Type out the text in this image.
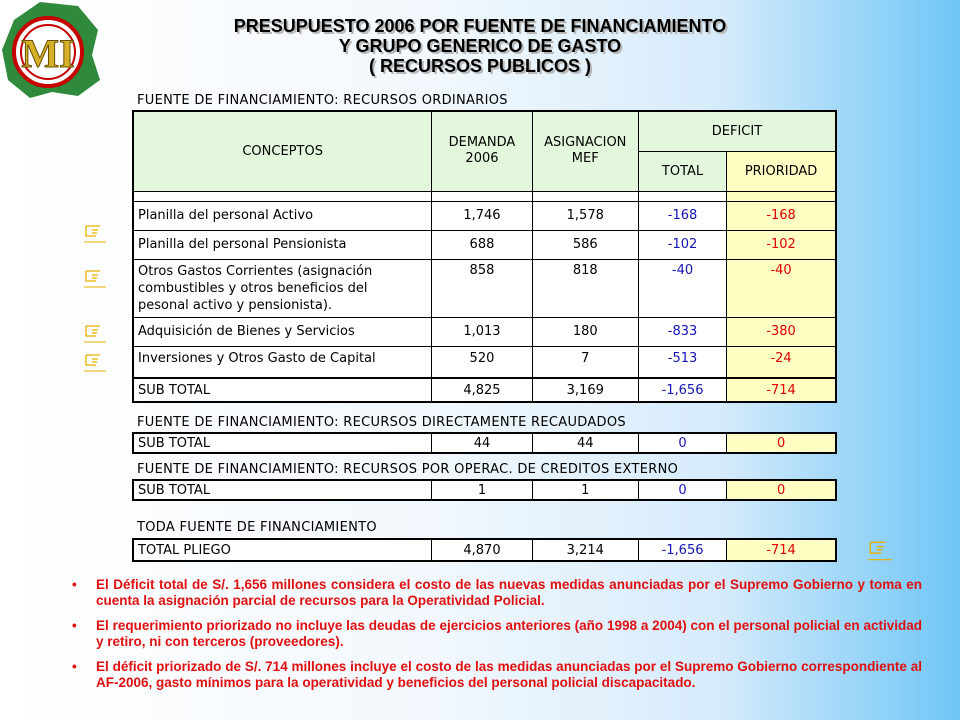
MI
PRESUPUESTO 2006 POR FUENTE DE FINANCIAMIENTO
Y GRUPO GENERICO DE GASTO
( RECURSOS PUBLICOS )
FUENTE DE FINANCIAMIENTO: RECURSOS ORDINARIOS
CONCEPTOS	DEMANDA 2006	ASIGNACION MEF	DEFICIT	
			TOTAL	PRIORIDAD

Planilla del personal Activo	1,746	1,578	-168	-168
Planilla del personal Pensionista	688	586	-102	-102

Otros Gastos Corrientes (asignación
combustibles y otros beneficios del
pesonal activo y pensionista).	858	818	-40	-40
Adquisición de Bienes y Servicios	1,013	180	-833	-380
Inversiones y Otros Gasto de Capital	520	7	-513	-24
SUB TOTAL	4,825	3,169	-1,656	-714
FUENTE DE FINANCIAMIENTO: RECURSOS DIRECTAMENTE RECAUDADOS
SUB TOTAL	44	44	0	0
FUENTE DE FINANCIAMIENTO: RECURSOS POR OPERAC. DE CREDITOS EXTERNO
SUB TOTAL	1	1	0	0
TODA FUENTE DE FINANCIAMIENTO
TOTAL PLIEGO	4,870	3,214	-1,656	-714
•	El Déficit total de S/. 1,656 millones considera el costo de las nuevas medidas anunciadas por el Supremo Gobierno y toma en cuenta la asignación parcial de recursos para la Operatividad Policial.
•	El requerimiento priorizado no incluye las deudas de ejercicios anteriores (año 1998 a 2004) con el personal policial en actividad y retiro, ni con terceros (proveedores).
•	El déficit priorizado de S/. 714 millones incluye el costo de las medidas anunciadas por el Supremo Gobierno correspondiente al AF-2006, gasto mínimos para la operatividad y beneficios del personal policial discapacitado.
